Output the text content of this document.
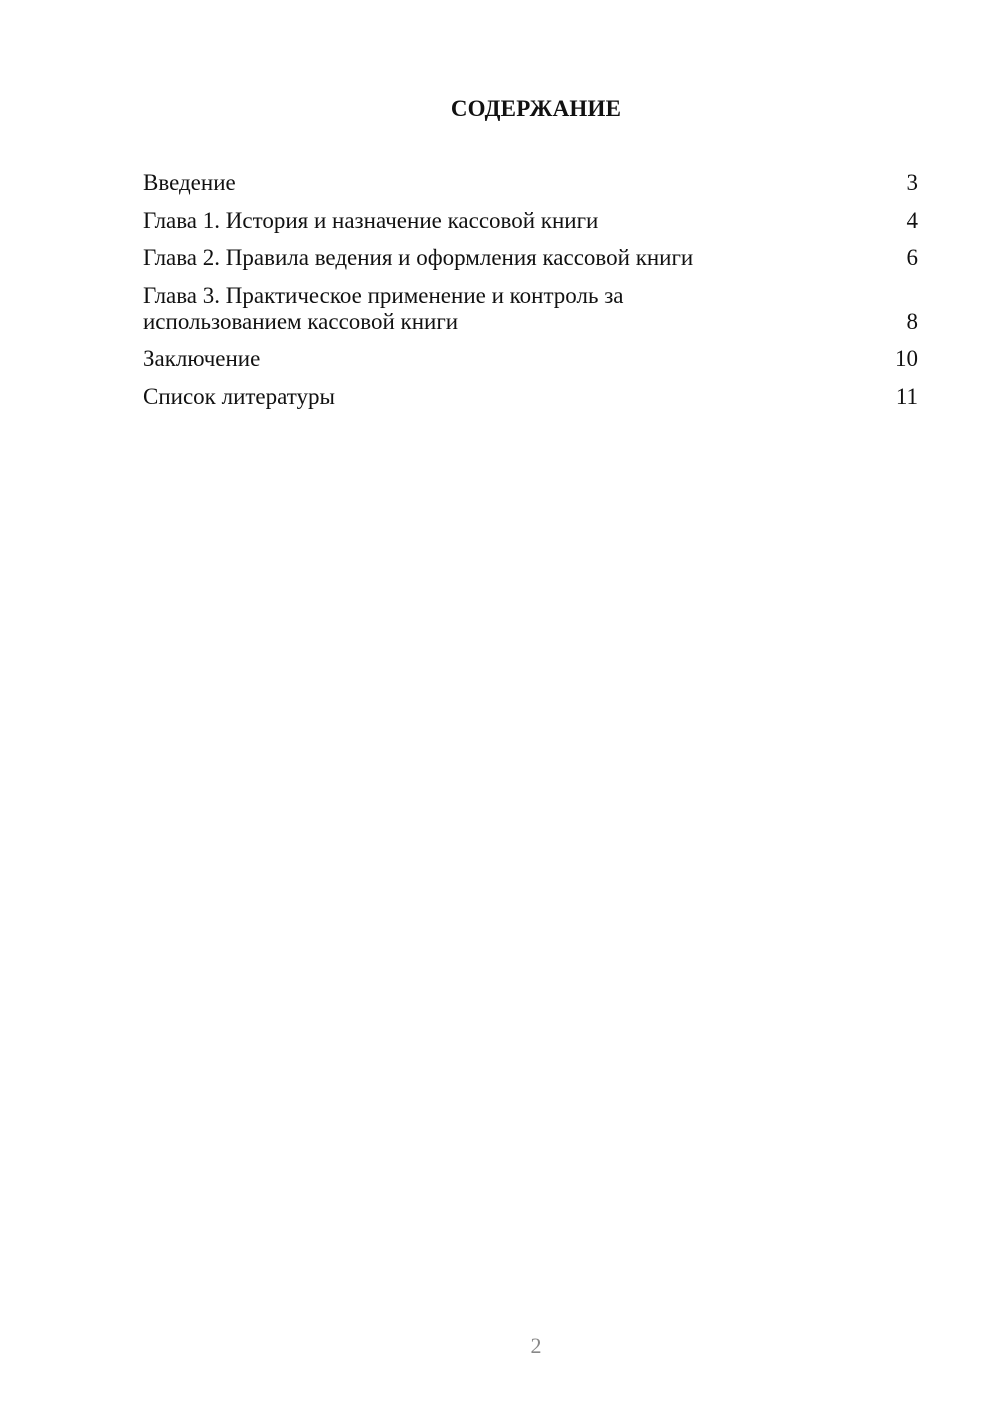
СОДЕРЖАНИЕ
Введение	3
Глава 1. История и назначение кассовой книги	4
Глава 2. Правила ведения и оформления кассовой книги	6
Глава 3. Практическое применение и контроль за использованием кассовой книги	8
Заключение	10
Список литературы	11
2
